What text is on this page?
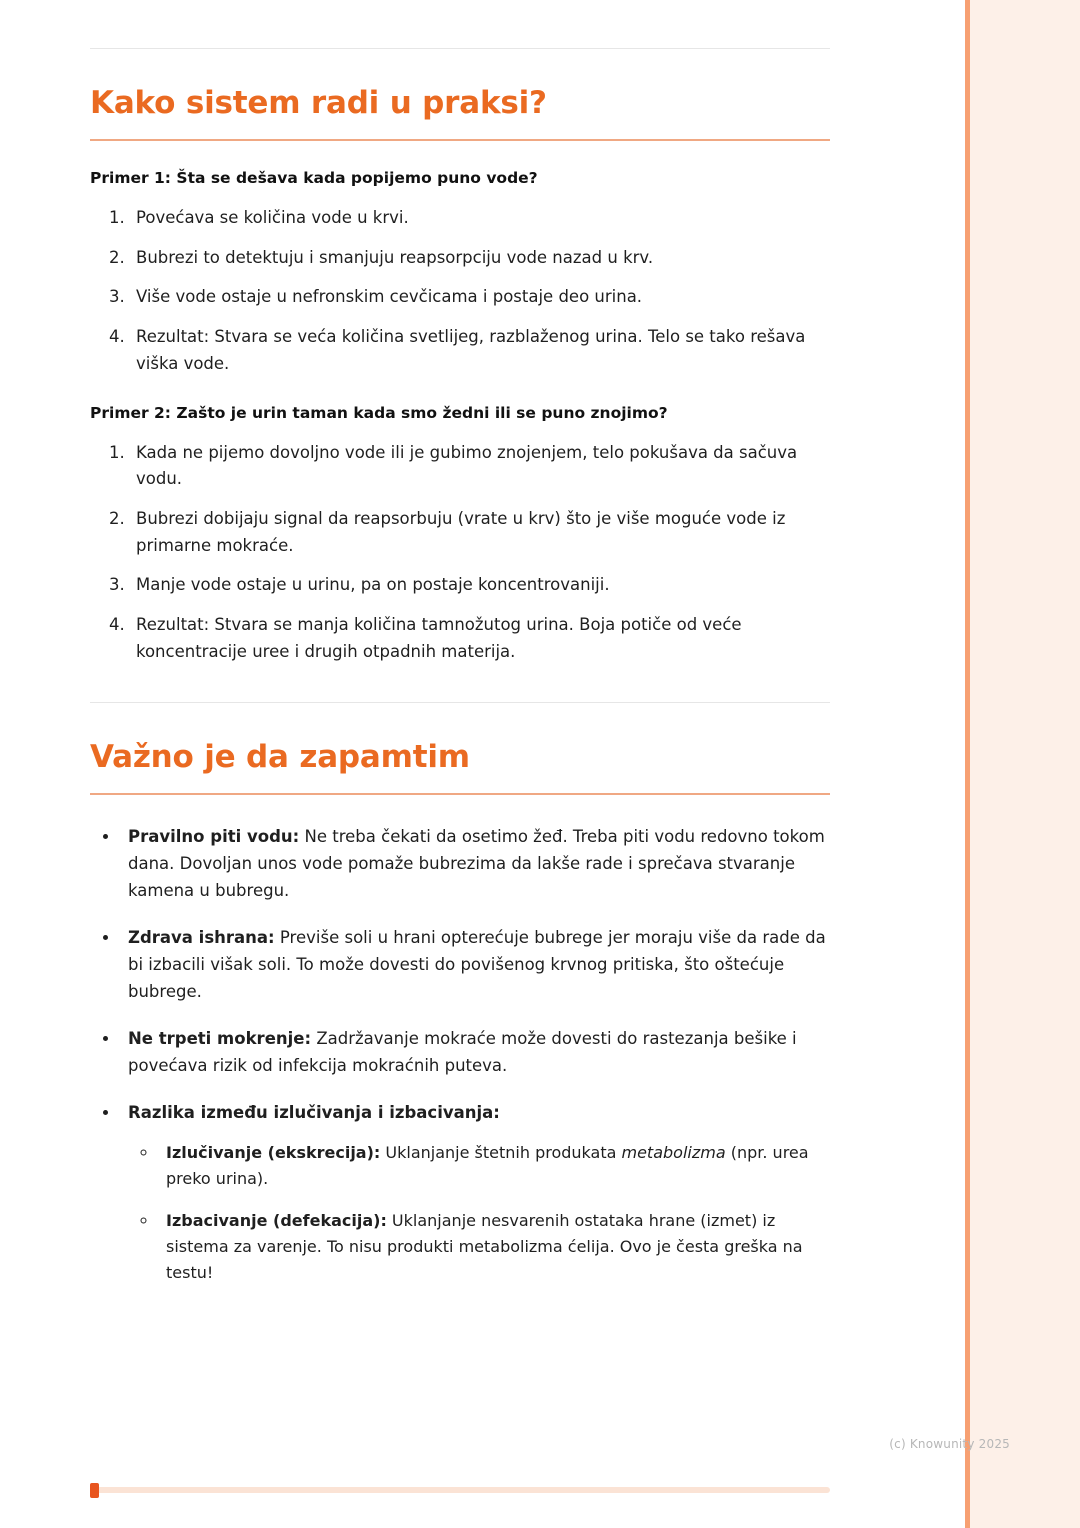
Kako sistem radi u praksi?

Primer 1: Šta se dešava kada popijemo puno vode?

1. Povećava se količina vode u krvi.
2. Bubrezi to detektuju i smanjuju reapsorpciju vode nazad u krv.
3. Više vode ostaje u nefronskim cevčicama i postaje deo urina.
4. Rezultat: Stvara se veća količina svetlijeg, razblaženog urina. Telo se tako rešava viška vode.

Primer 2: Zašto je urin taman kada smo žedni ili se puno znojimo?

1. Kada ne pijemo dovoljno vode ili je gubimo znojenjem, telo pokušava da sačuva vodu.
2. Bubrezi dobijaju signal da reapsorbuju (vrate u krv) što je više moguće vode iz primarne mokraće.
3. Manje vode ostaje u urinu, pa on postaje koncentrovaniji.
4. Rezultat: Stvara se manja količina tamnožutog urina. Boja potiče od veće koncentracije uree i drugih otpadnih materija.
Važno je da zapamtim
• Pravilno piti vodu: Ne treba čekati da osetimo žeđ. Treba piti vodu redovno tokom dana. Dovoljan unos vode pomaže bubrezima da lakše rade i sprečava stvaranje kamena u bubregu.
• Zdrava ishrana: Previše soli u hrani opterećuje bubrege jer moraju više da rade da bi izbacili višak soli. To može dovesti do povišenog krvnog pritiska, što oštećuje bubrege.
• Ne trpeti mokrenje: Zadržavanje mokraće može dovesti do rastezanja bešike i povećava rizik od infekcija mokraćnih puteva.
• Razlika između izlučivanja i izbacivanja:
◦ Izlučivanje (ekskrecija): Uklanjanje štetnih produkata metabolizma (npr. urea preko urina).
◦ Izbacivanje (defekacija): Uklanjanje nesvarenih ostataka hrane (izmet) iz sistema za varenje. To nisu produkti metabolizma ćelija. Ovo je česta greška na testu!
(c) Knowunity 2025
